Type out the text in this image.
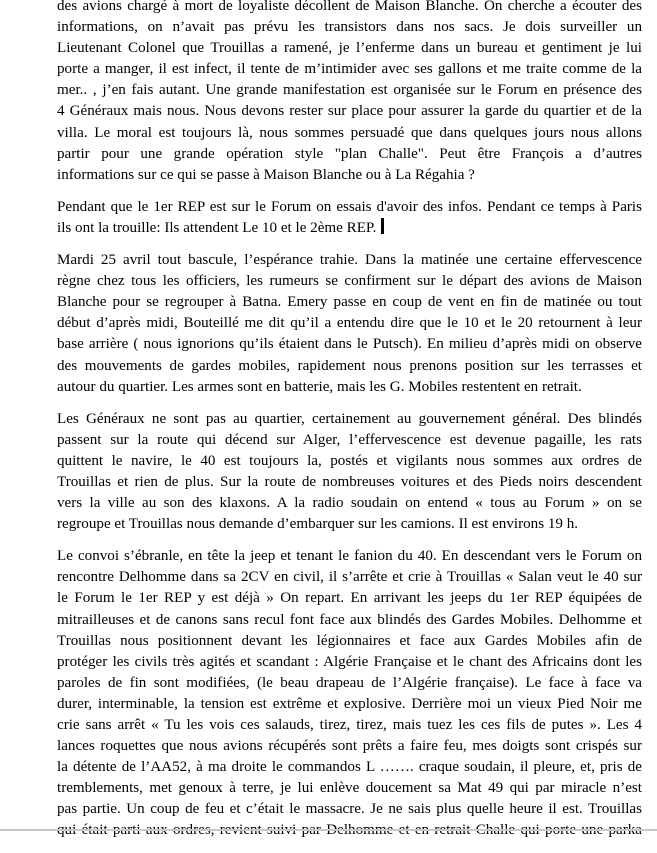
des avions chargé à mort de loyaliste décollent de Maison Blanche. On cherche a écouter des
informations, on n’avait pas prévu les transistors dans nos sacs. Je dois surveiller un
Lieutenant Colonel que Trouillas a ramené, je l’enferme dans un bureau et gentiment je lui
porte a manger, il est infect, il tente de m’intimider avec ses gallons et me traite comme de la
mer.. , j’en fais autant. Une grande manifestation est organisée sur le Forum en présence des
4 Généraux mais nous. Nous devons rester sur place pour assurer la garde du quartier et de la
villa. Le moral est toujours là, nous sommes persuadé que dans quelques jours nous allons
partir pour une grande opération style "plan Challe". Peut être François a d’autres
informations sur ce qui se passe à Maison Blanche ou à La Régahia ?

Pendant que le 1er REP est sur le Forum on essais d'avoir des infos. Pendant ce temps à Paris
ils ont la trouille: Ils attendent Le 10 et le 2ème REP.

Mardi 25 avril tout bascule, l’espérance trahie. Dans la matinée une certaine effervescence
règne chez tous les officiers, les rumeurs se confirment sur le départ des avions de Maison
Blanche pour se regrouper à Batna. Emery passe en coup de vent en fin de matinée ou tout
début d’après midi, Bouteillé me dit qu’il a entendu dire que le 10 et le 20 retournent à leur
base arrière ( nous ignorions qu’ils étaient dans le Putsch). En milieu d’après midi on observe
des mouvements de gardes mobiles, rapidement nous prenons position sur les terrasses et
autour du quartier. Les armes sont en batterie, mais les G. Mobiles restentent en retrait.

Les Généraux ne sont pas au quartier, certainement au gouvernement général. Des blindés
passent sur la route qui décend sur Alger, l’effervescence est devenue pagaille, les rats
quittent le navire, le 40 est toujours la, postés et vigilants nous sommes aux ordres de
Trouillas et rien de plus. Sur la route de nombreuses voitures et des Pieds noirs descendent
vers la ville au son des klaxons. A la radio soudain on entend « tous au Forum » on se
regroupe et Trouillas nous demande d’embarquer sur les camions. Il est environs 19 h.

Le convoi s’ébranle, en tête la jeep et tenant le fanion du 40. En descendant vers le Forum on
rencontre Delhomme dans sa 2CV en civil, il s’arrête et crie à Trouillas « Salan veut le 40 sur
le Forum le 1er REP y est déjà » On repart. En arrivant les jeeps du 1er REP équipées de
mitrailleuses et de canons sans recul font face aux blindés des Gardes Mobiles. Delhomme et
Trouillas nous positionnent devant les légionnaires et face aux Gardes Mobiles afin de
protéger les civils très agités et scandant : Algérie Française et le chant des Africains dont les
paroles de fin sont modifiées, (le beau drapeau de l’Algérie française). Le face à face va
durer, interminable, la tension est extrême et explosive. Derrière moi un vieux Pied Noir me
crie sans arrêt « Tu les vois ces salauds, tirez, tirez, mais tuez les ces fils de putes ». Les 4
lances roquettes que nous avions récupérés sont prêts a faire feu, mes doigts sont crispés sur
la détente de l’AA52, à ma droite le commandos L ……. craque soudain, il pleure, et, pris de
tremblements, met genoux à terre, je lui enlève doucement sa Mat 49 qui par miracle n’est
pas partie. Un coup de feu et c’était le massacre. Je ne sais plus quelle heure il est. Trouillas
